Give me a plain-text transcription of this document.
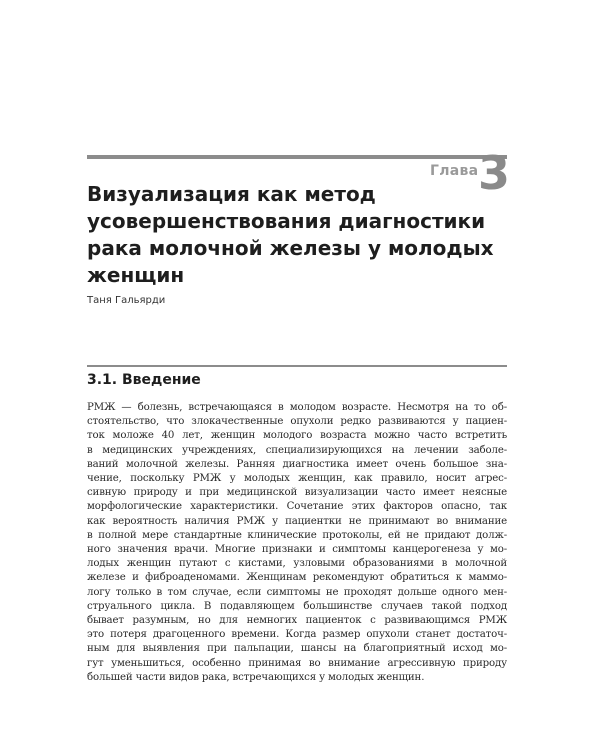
Глава 3
Визуализация как метод
усовершенствования диагностики
рака молочной железы у молодых
женщин
Таня Гальярди
3.1. Введение
РМЖ — болезнь, встречающаяся в молодом возрасте. Несмотря на то об-
стоятельство, что злокачественные опухоли редко развиваются у пациен-
ток моложе 40 лет, женщин молодого возраста можно часто встретить
в медицинских учреждениях, специализирующихся на лечении заболе-
ваний молочной железы. Ранняя диагностика имеет очень большое зна-
чение, поскольку РМЖ у молодых женщин, как правило, носит агрес-
сивную природу и при медицинской визуализации часто имеет неясные
морфологические характеристики. Сочетание этих факторов опасно, так
как вероятность наличия РМЖ у пациентки не принимают во внимание
в полной мере стандартные клинические протоколы, ей не придают долж-
ного значения врачи. Многие признаки и симптомы канцерогенеза у мо-
лодых женщин путают с кистами, узловыми образованиями в молочной
железе и фиброаденомами. Женщинам рекомендуют обратиться к маммо-
логу только в том случае, если симптомы не проходят дольше одного мен-
струального цикла. В подавляющем большинстве случаев такой подход
бывает разумным, но для немногих пациенток с развивающимся РМЖ
это потеря драгоценного времени. Когда размер опухоли станет достаточ-
ным для выявления при пальпации, шансы на благоприятный исход мо-
гут уменьшиться, особенно принимая во внимание агрессивную природу
большей части видов рака, встречающихся у молодых женщин.
